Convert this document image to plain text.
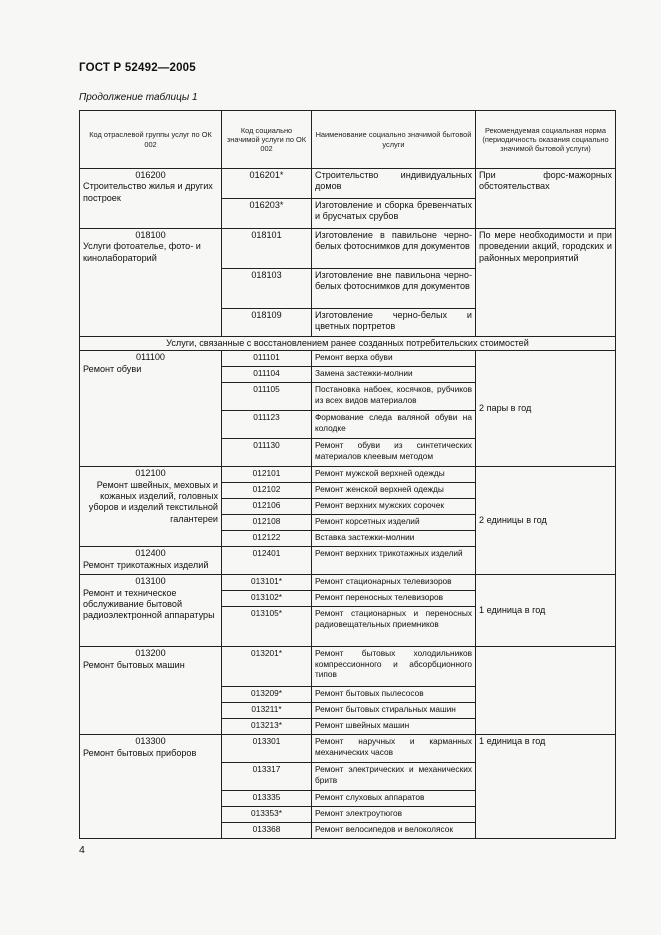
ГОСТ Р 52492—2005
Продолжение таблицы 1
Код отраслевой группы услуг по ОК 002	Код социально значимой услуги по ОК 002	Наименование социально значимой бытовой услуги	Рекомендуемая социальная норма (периодичность оказания социально значимой бытовой услуги)

016200
Строительство жилья и других построек	016201*	Строительство индивидуальных домов	При форс-мажорных обстоятельствах
	016203*	Изготовление и сборка бревенчатых и брусчатых срубов	

018100
Услуги фотоателье, фото- и кинолабораторий	018101	Изготовление в павильоне черно-белых фотоснимков для документов	По мере необходимости и при проведении акций, городских и районных мероприятий
	018103	Изготовление вне павильона черно-белых фотоснимков для документов	
	018109	Изготовление черно-белых и цветных портретов	
Услуги, связанные с восстановлением ранее созданных потребительских стоимостей			

011100
Ремонт обуви	011101	Ремонт верха обуви	2 пары в год
	011104	Замена застежки-молнии	
	011105	Постановка набоек, косячков, рубчиков из всех видов материалов	
	011123	Формование следа валяной обуви на колодке	
	011130	Ремонт обуви из синтетических материалов клеевым методом	

012100
Ремонт швейных, меховых и кожаных изделий, головных уборов и изделий текстильной галантереи	012101	Ремонт мужской верхней одежды	2 единицы в год
	012102	Ремонт женской верхней одежды	
	012106	Ремонт верхних мужских сорочек	
	012108	Ремонт корсетных изделий	
	012122	Вставка застежки-молнии	

012400
Ремонт трикотажных изделий	012401	Ремонт верхних трикотажных изделий	

013100
Ремонт и техническое обслуживание бытовой радиоэлектронной аппаратуры	013101*	Ремонт стационарных телевизоров	1 единица в год
	013102*	Ремонт переносных телевизоров	
	013105*	Ремонт стационарных и переносных радиовещательных приемников	

013200
Ремонт бытовых машин	013201*	Ремонт бытовых холодильников компрессионного и абсорбционного типов	
	013209*	Ремонт бытовых пылесосов	
	013211*	Ремонт бытовых стиральных машин	
	013213*	Ремонт швейных машин	

013300
Ремонт бытовых приборов	013301	Ремонт наручных и карманных механических часов	1 единица в год
	013317	Ремонт электрических и механических бритв	
	013335	Ремонт слуховых аппаратов	
	013353*	Ремонт электроутюгов	
	013368	Ремонт велосипедов и велоколясок	
4
